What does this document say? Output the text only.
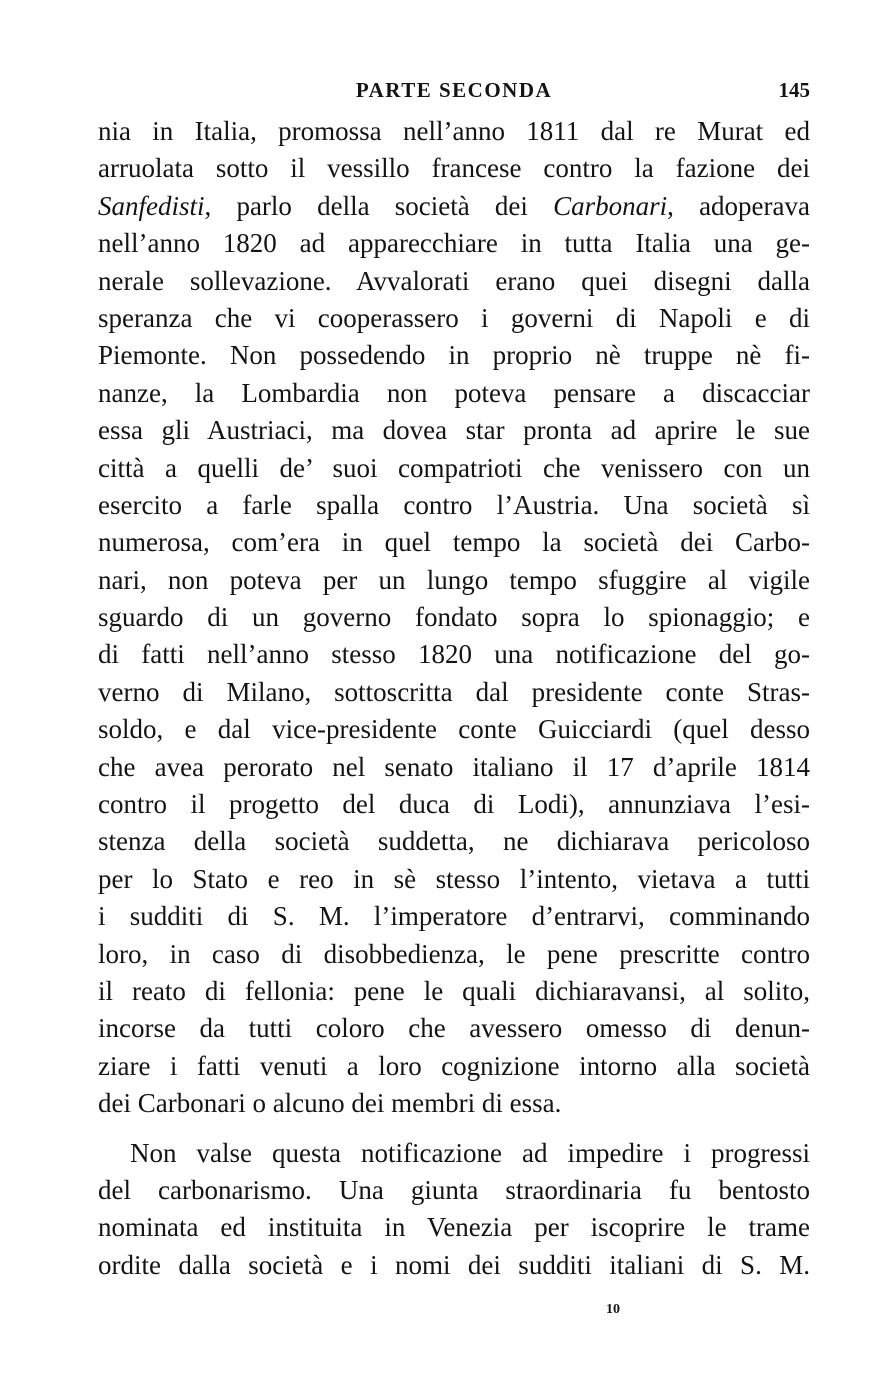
PARTE SECONDA	145
nia in Italia, promossa nell’anno 1811 dal re Murat ed
arruolata sotto il vessillo francese contro la fazione dei
Sanfedisti, parlo della società dei Carbonari, adoperava
nell’anno 1820 ad apparecchiare in tutta Italia una ge-
nerale sollevazione. Avvalorati erano quei disegni dalla
speranza che vi cooperassero i governi di Napoli e di
Piemonte. Non possedendo in proprio nè truppe nè fi-
nanze, la Lombardia non poteva pensare a discacciar
essa gli Austriaci, ma dovea star pronta ad aprire le sue
città a quelli de’ suoi compatrioti che venissero con un
esercito a farle spalla contro l’Austria. Una società sì
numerosa, com’era in quel tempo la società dei Carbo-
nari, non poteva per un lungo tempo sfuggire al vigile
sguardo di un governo fondato sopra lo spionaggio; e
di fatti nell’anno stesso 1820 una notificazione del go-
verno di Milano, sottoscritta dal presidente conte Stras-
soldo, e dal vice-presidente conte Guicciardi (quel desso
che avea perorato nel senato italiano il 17 d’aprile 1814
contro il progetto del duca di Lodi), annunziava l’esi-
stenza della società suddetta, ne dichiarava pericoloso
per lo Stato e reo in sè stesso l’intento, vietava a tutti
i sudditi di S. M. l’imperatore d’entrarvi, comminando
loro, in caso di disobbedienza, le pene prescritte contro
il reato di fellonia: pene le quali dichiaravansi, al solito,
incorse da tutti coloro che avessero omesso di denun-
ziare i fatti venuti a loro cognizione intorno alla società
dei Carbonari o alcuno dei membri di essa.
Non valse questa notificazione ad impedire i progressi
del carbonarismo. Una giunta straordinaria fu bentosto
nominata ed instituita in Venezia per iscoprire le trame
ordite dalla società e i nomi dei sudditi italiani di S. M.
10
